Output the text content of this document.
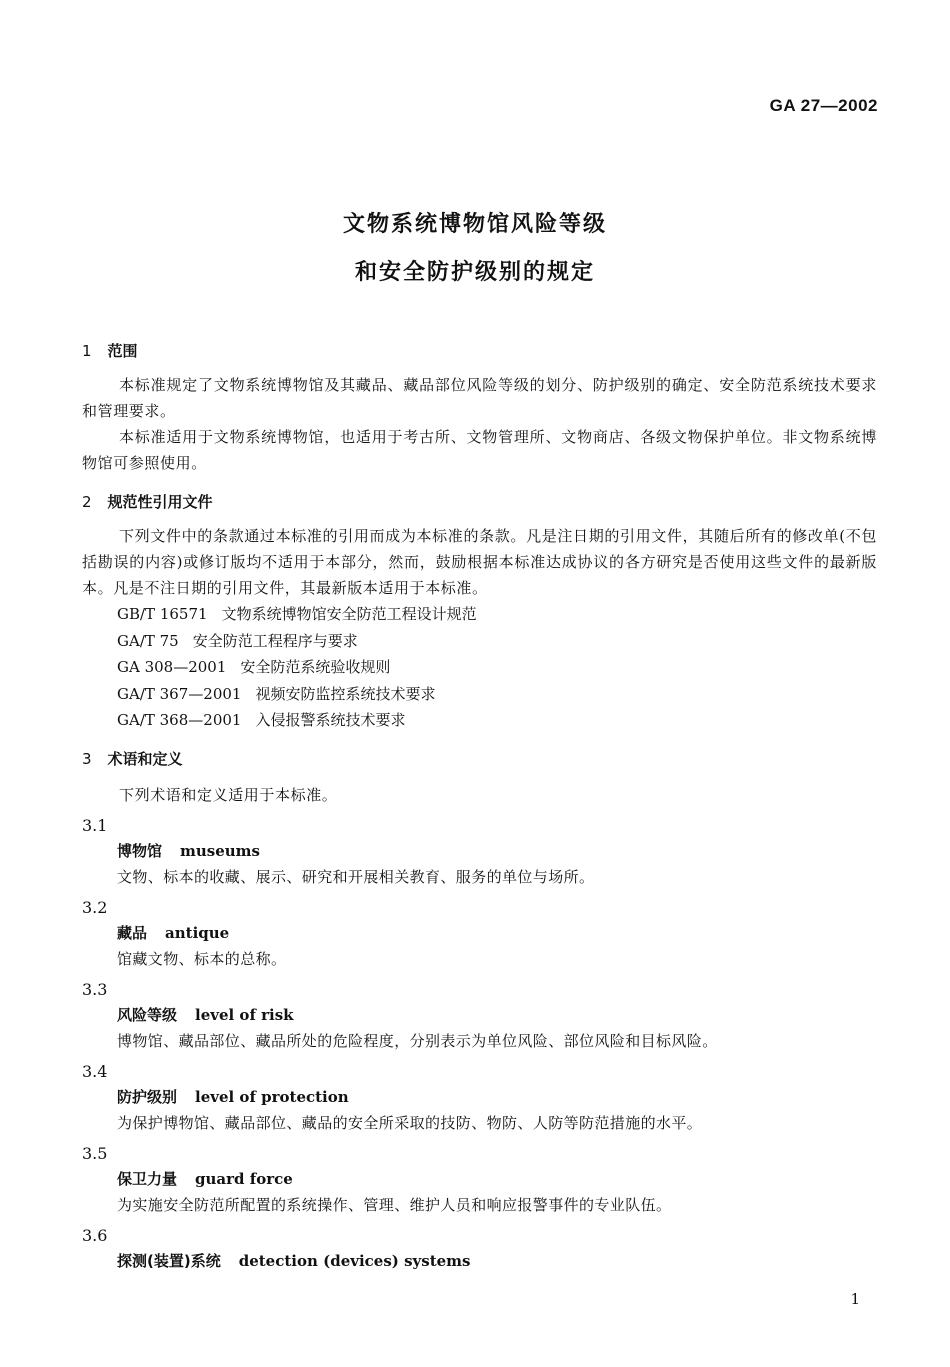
GA 27—2002
文物系统博物馆风险等级
和安全防护级别的规定
1 范围

本标准规定了文物系统博物馆及其藏品、藏品部位风险等级的划分、防护级别的确定、安全防范系统技术要求和管理要求。

本标准适用于文物系统博物馆，也适用于考古所、文物管理所、文物商店、各级文物保护单位。非文物系统博物馆可参照使用。

2 规范性引用文件

下列文件中的条款通过本标准的引用而成为本标准的条款。凡是注日期的引用文件，其随后所有的修改单(不包括勘误的内容)或修订版均不适用于本部分，然而，鼓励根据本标准达成协议的各方研究是否使用这些文件的最新版本。凡是不注日期的引用文件，其最新版本适用于本标准。

GB/T 16571 文物系统博物馆安全防范工程设计规范
GA/T 75 安全防范工程程序与要求
GA 308—2001 安全防范系统验收规则
GA/T 367—2001 视频安防监控系统技术要求
GA/T 368—2001 入侵报警系统技术要求
3 术语和定义

下列术语和定义适用于本标准。

3.1
博物馆 museums
文物、标本的收藏、展示、研究和开展相关教育、服务的单位与场所。
3.2
藏品 antique
馆藏文物、标本的总称。
3.3
风险等级 level of risk
博物馆、藏品部位、藏品所处的危险程度，分别表示为单位风险、部位风险和目标风险。
3.4
防护级别 level of protection
为保护博物馆、藏品部位、藏品的安全所采取的技防、物防、人防等防范措施的水平。
3.5
保卫力量 guard force
为实施安全防范所配置的系统操作、管理、维护人员和响应报警事件的专业队伍。
3.6
探测(装置)系统 detection (devices) systems
1
